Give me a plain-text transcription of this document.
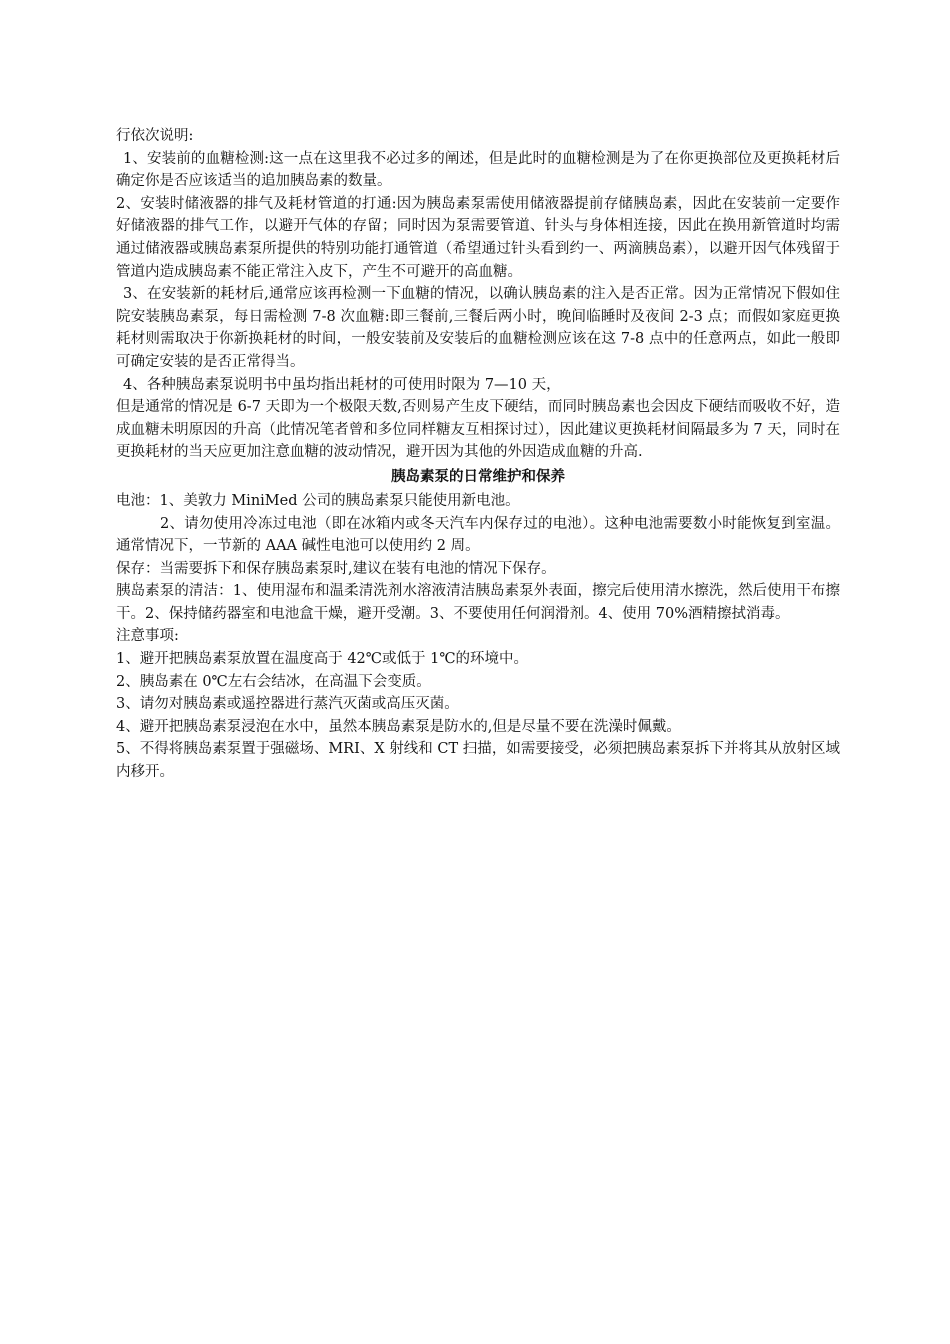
行依次说明:

1、安装前的血糖检测:这一点在这里我不必过多的阐述，但是此时的血糖检测是为了在你更换部位及更换耗材后确定你是否应该适当的追加胰岛素的数量。

2、安装时储液器的排气及耗材管道的打通:因为胰岛素泵需使用储液器提前存储胰岛素，因此在安装前一定要作好储液器的排气工作，以避开气体的存留；同时因为泵需要管道、针头与身体相连接，因此在换用新管道时均需通过储液器或胰岛素泵所提供的特别功能打通管道（希望通过针头看到约一、两滴胰岛素），以避开因气体残留于管道内造成胰岛素不能正常注入皮下，产生不可避开的高血糖。

3、在安装新的耗材后,通常应该再检测一下血糖的情况，以确认胰岛素的注入是否正常。因为正常情况下假如住院安装胰岛素泵，每日需检测 7-8 次血糖:即三餐前,三餐后两小时，晚间临睡时及夜间 2-3 点；而假如家庭更换耗材则需取决于你新换耗材的时间，一般安装前及安装后的血糖检测应该在这 7-8 点中的任意两点，如此一般即可确定安装的是否正常得当。

4、各种胰岛素泵说明书中虽均指出耗材的可使用时限为 7—10 天，

但是通常的情况是 6-7 天即为一个极限天数,否则易产生皮下硬结，而同时胰岛素也会因皮下硬结而吸收不好，造成血糖未明原因的升高（此情况笔者曾和多位同样糖友互相探讨过），因此建议更换耗材间隔最多为 7 天，同时在更换耗材的当天应更加注意血糖的波动情况，避开因为其他的外因造成血糖的升高.

胰岛素泵的日常维护和保养

电池：1、美敦力 MiniMed 公司的胰岛素泵只能使用新电池。

2、请勿使用冷冻过电池（即在冰箱内或冬天汽车内保存过的电池）。这种电池需要数小时能恢复到室温。通常情况下，一节新的 AAA 碱性电池可以使用约 2 周。

保存：当需要拆下和保存胰岛素泵时,建议在装有电池的情况下保存。

胰岛素泵的清洁：1、使用湿布和温柔清洗剂水溶液清洁胰岛素泵外表面，擦完后使用清水擦洗，然后使用干布擦干。2、保持储药器室和电池盒干燥，避开受潮。3、不要使用任何润滑剂。4、使用 70%酒精擦拭消毒。

注意事项:

1、避开把胰岛素泵放置在温度高于 42℃或低于 1℃的环境中。

2、胰岛素在 0℃左右会结冰，在高温下会变质。

3、请勿对胰岛素或遥控器进行蒸汽灭菌或高压灭菌。

4、避开把胰岛素泵浸泡在水中，虽然本胰岛素泵是防水的,但是尽量不要在洗澡时佩戴。

5、不得将胰岛素泵置于强磁场、MRI、X 射线和 CT 扫描，如需要接受，必须把胰岛素泵拆下并将其从放射区域内移开。
